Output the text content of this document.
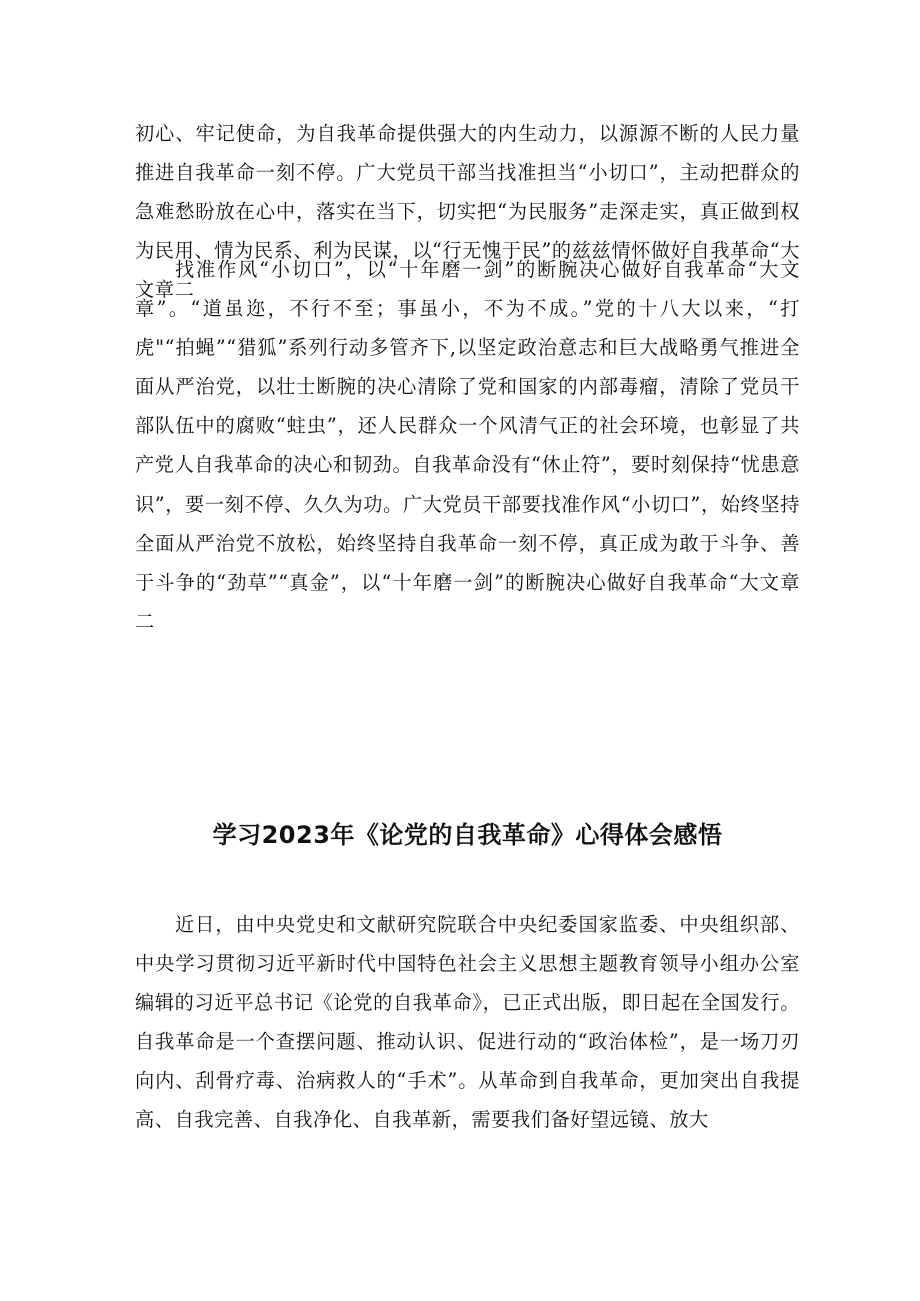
初心、牢记使命，为自我革命提供强大的内生动力，以源源不断的人民力量推进自我革命一刻不停。广大党员干部当找准担当“小切口”，主动把群众的急难愁盼放在心中，落实在当下，切实把“为民服务”走深走实，真正做到权为民用、情为民系、利为民谋，以“行无愧于民”的兹兹情怀做好自我革命“大文章二

找准作风“小切口”，以“十年磨一剑”的断腕决心做好自我革命“大文章”。“道虽迩，不行不至；事虽小，不为不成。”党的十八大以来，“打虎"“拍蝇”“猎狐”系列行动多管齐下,以坚定政治意志和巨大战略勇气推进全面从严治党，以壮士断腕的决心清除了党和国家的内部毒瘤，清除了党员干部队伍中的腐败“蛀虫”，还人民群众一个风清气正的社会环境，也彰显了共产党人自我革命的决心和韧劲。自我革命没有“休止符”，要时刻保持“忧患意识”，要一刻不停、久久为功。广大党员干部要找准作风“小切口”，始终坚持全面从严治党不放松，始终坚持自我革命一刻不停，真正成为敢于斗争、善于斗争的“劲草”“真金”，以“十年磨一剑”的断腕决心做好自我革命“大文章二

学习2023年《论党的自我革命》心得体会感悟

近日，由中央党史和文献研究院联合中央纪委国家监委、中央组织部、中央学习贯彻习近平新时代中国特色社会主义思想主题教育领导小组办公室编辑的习近平总书记《论党的自我革命》，已正式出版，即日起在全国发行。自我革命是一个查摆问题、推动认识、促进行动的“政治体检”，是一场刀刃向内、刮骨疗毒、治病救人的“手术”。从革命到自我革命，更加突出自我提高、自我完善、自我净化、自我革新，需要我们备好望远镜、放大
